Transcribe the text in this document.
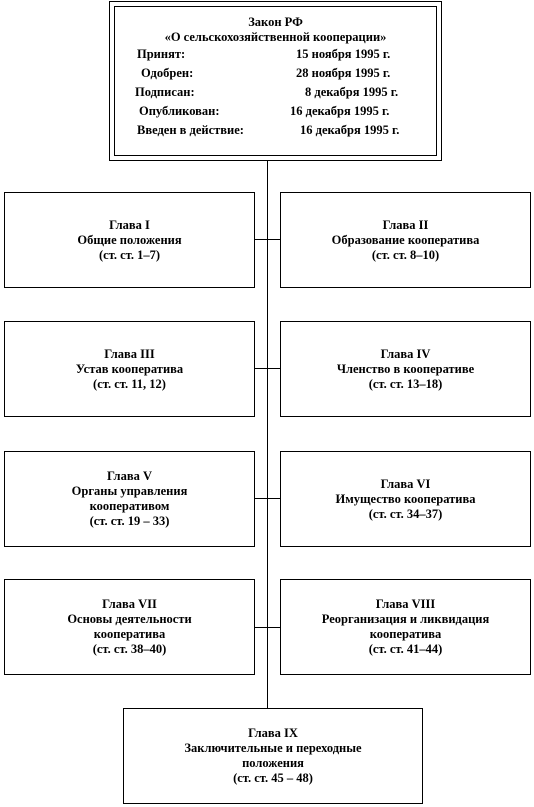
Закон РФ
«О сельскохозяйственной кооперации»
Принят:	15 ноября 1995 г.
Одобрен:	28 ноября 1995 г.
Подписан:	8 декабря 1995 г.
Опубликован:	16 декабря 1995 г.
Введен в действие:	16 декабря 1995 г.
Глава I
Общие положения
(ст. ст. 1–7)
Глава II
Образование кооператива
(ст. ст. 8–10)
Глава III
Устав кооператива
(ст. ст. 11, 12)
Глава IV
Членство в кооперативе
(ст. ст. 13–18)
Глава V
Органы управления
кооперативом
(ст. ст. 19 – 33)
Глава VI
Имущество кооператива
(ст. ст. 34–37)
Глава VII
Основы деятельности
кооператива
(ст. ст. 38–40)
Глава VIII
Реорганизация и ликвидация
кооператива
(ст. ст. 41–44)
Глава IX
Заключительные и переходные
положения
(ст. ст. 45 – 48)
